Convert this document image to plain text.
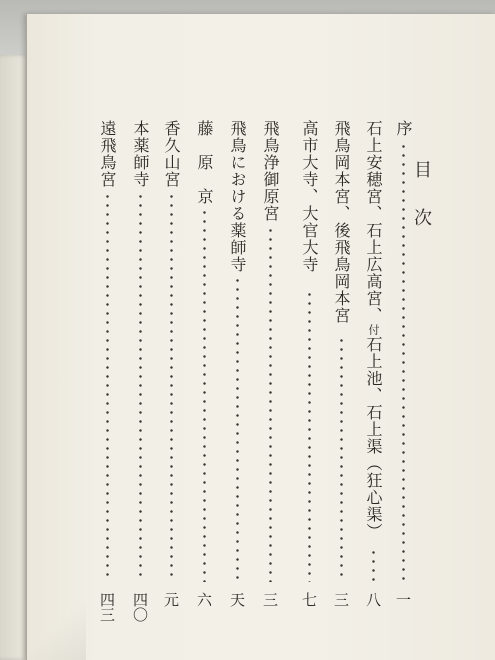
目次
序
一
石上安穂宮、石上広高宮、付石上池、石上渠（狂心渠）
八
飛鳥岡本宮、後飛鳥岡本宮
三
高市大寺、大官大寺
七
飛鳥浄御原宮
三
飛鳥における薬師寺
天
藤　原　京
六
香久山宮
元
本薬師寺
四〇
遠飛鳥宮
四三
